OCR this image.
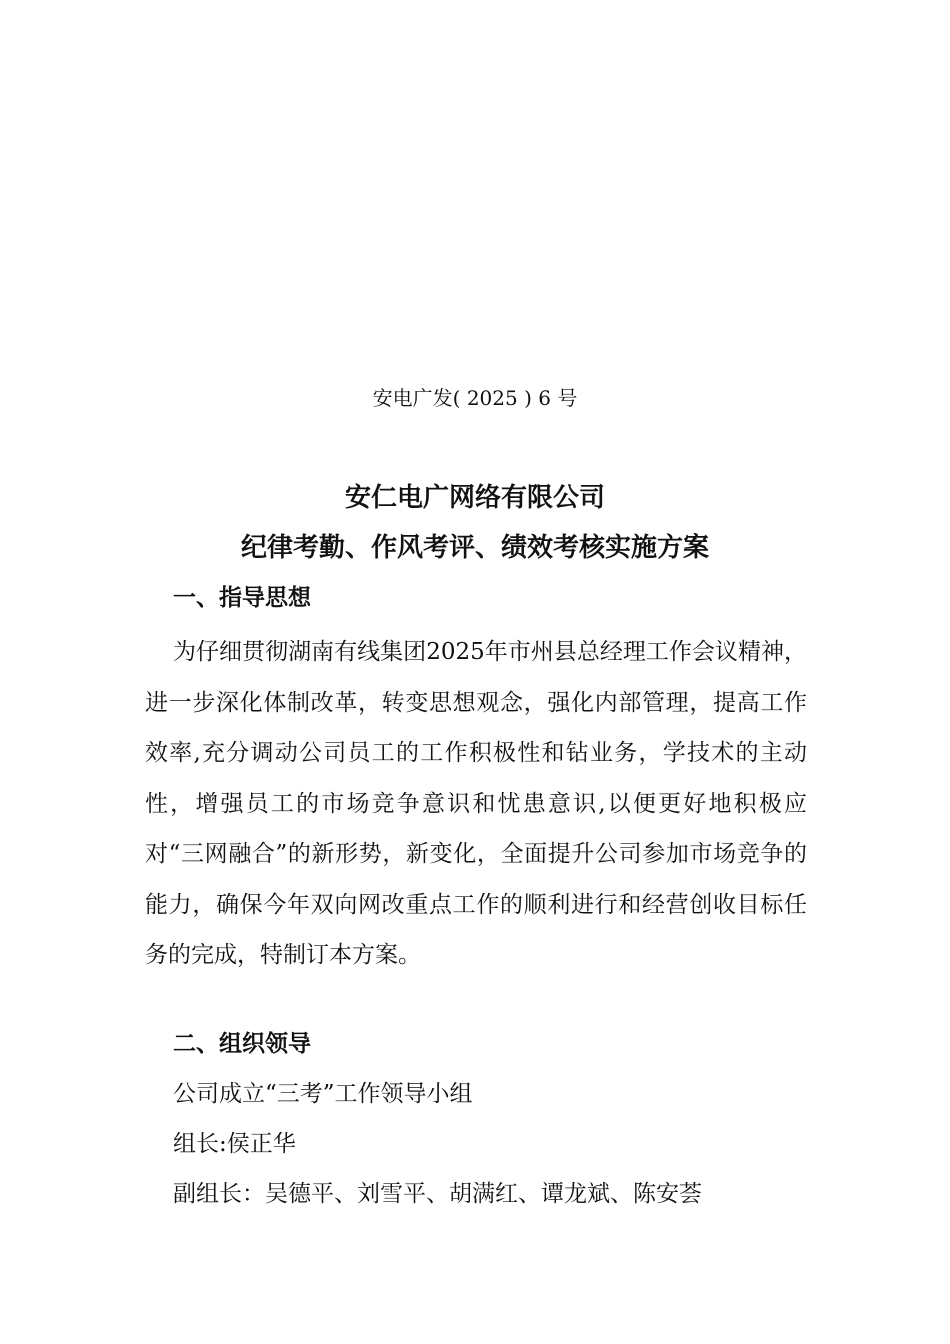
安电广发( 2025 ) 6 号
安仁电广网络有限公司
纪律考勤、作风考评、绩效考核实施方案
一、指导思想
为仔细贯彻湖南有线集团2025年市州县总经理工作会议精神，进一步深化体制改革，转变思想观念，强化内部管理，提高工作效率,充分调动公司员工的工作积极性和钻业务，学技术的主动性，增强员工的市场竞争意识和忧患意识,以便更好地积极应对“三网融合”的新形势，新变化，全面提升公司参加市场竞争的能力，确保今年双向网改重点工作的顺利进行和经营创收目标任务的完成，特制订本方案。
二、组织领导
公司成立“三考”工作领导小组
组长:侯正华
副组长：吴德平、刘雪平、胡满红、谭龙斌、陈安荟
